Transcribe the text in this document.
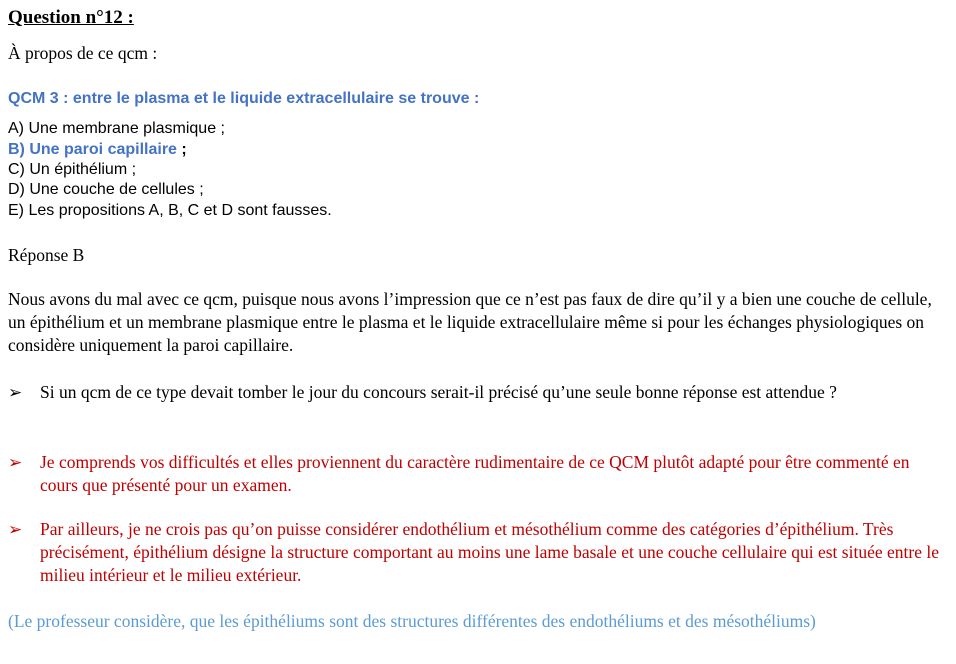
Question n°12 :
À propos de ce qcm :
QCM 3 : entre le plasma et le liquide extracellulaire se trouve :
A) Une membrane plasmique ;
B) Une paroi capillaire ;
C) Un épithélium ;
D) Une couche de cellules ;
E) Les propositions A, B, C et D sont fausses.
Réponse B
Nous avons du mal avec ce qcm, puisque nous avons l’impression que ce n’est pas faux de dire qu’il y a bien une couche de cellule, un épithélium et un membrane plasmique entre le plasma et le liquide extracellulaire même si pour les échanges physiologiques on considère uniquement la paroi capillaire.
➢	Si un qcm de ce type devait tomber le jour du concours serait-il précisé qu’une seule bonne réponse est attendue ?
➢	Je comprends vos difficultés et elles proviennent du caractère rudimentaire de ce QCM plutôt adapté pour être commenté en cours que présenté pour un examen.
➢	Par ailleurs, je ne crois pas qu’on puisse considérer endothélium et mésothélium comme des catégories d’épithélium. Très précisément, épithélium désigne la structure comportant au moins une lame basale et une couche cellulaire qui est située entre le milieu intérieur et le milieu extérieur.
(Le professeur considère, que les épithéliums sont des structures différentes des endothéliums et des mésothéliums)
